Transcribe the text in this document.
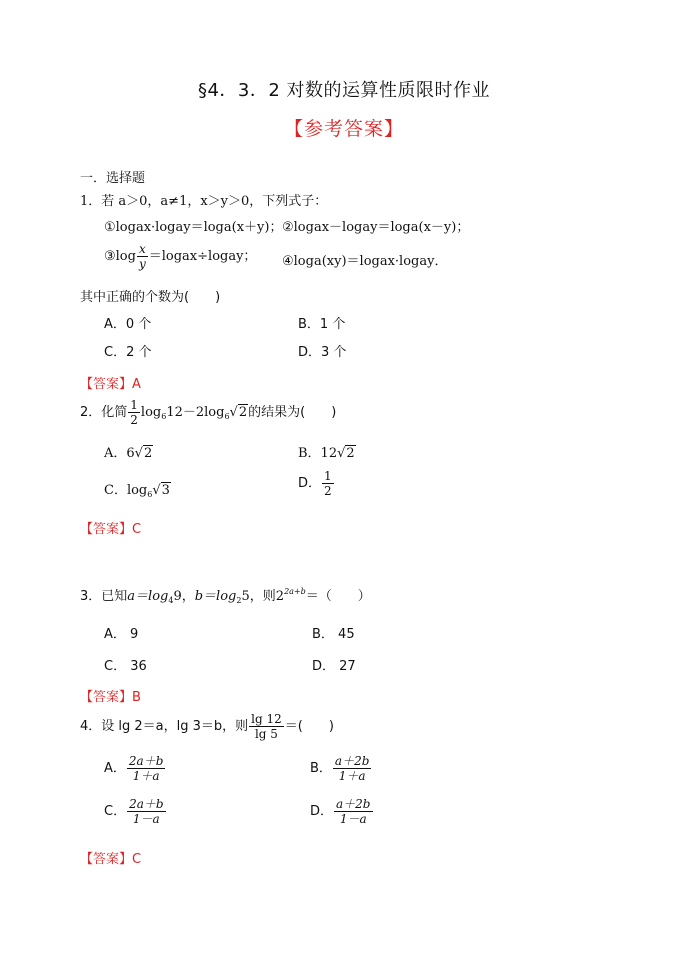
§4．3．2 对数的运算性质限时作业
【参考答案】
一．选择题
1．若 a＞0，a≠1，x＞y＞0，下列式子：
①logax·logay＝loga(x＋y)； ②logax－logay＝loga(x－y)；
③log $\frac{x}{y}$ ＝logax÷logay； ④loga(xy)＝logax·logay．
其中正确的个数为(　　)
A．0 个	B．1 个
C．2 个	D．3 个
【答案】A
2．化简 $\frac{1}{2} \log_612-2\log_6√2$的结果为(　　)
A．6√2	B．12√2
C．$\log_6√3$	D． $\frac{1}{2}$
【答案】C
3．已知$a=\log_49$，$b=\log_25$，则$2^{2a+b}=$（　　）
A． 9	B． 45
C． 36	D． 27
【答案】B
4．设 lg 2＝a，lg 3＝b，则 $\frac{\lg 12}{\lg 5}$ ＝(　　)
A． $\frac{2a+b}{1+a}$	B． $\frac{a+2b}{1+a}$
C． $\frac{2a+b}{1-a}$	D． $\frac{a+2b}{1-a}$
【答案】C
